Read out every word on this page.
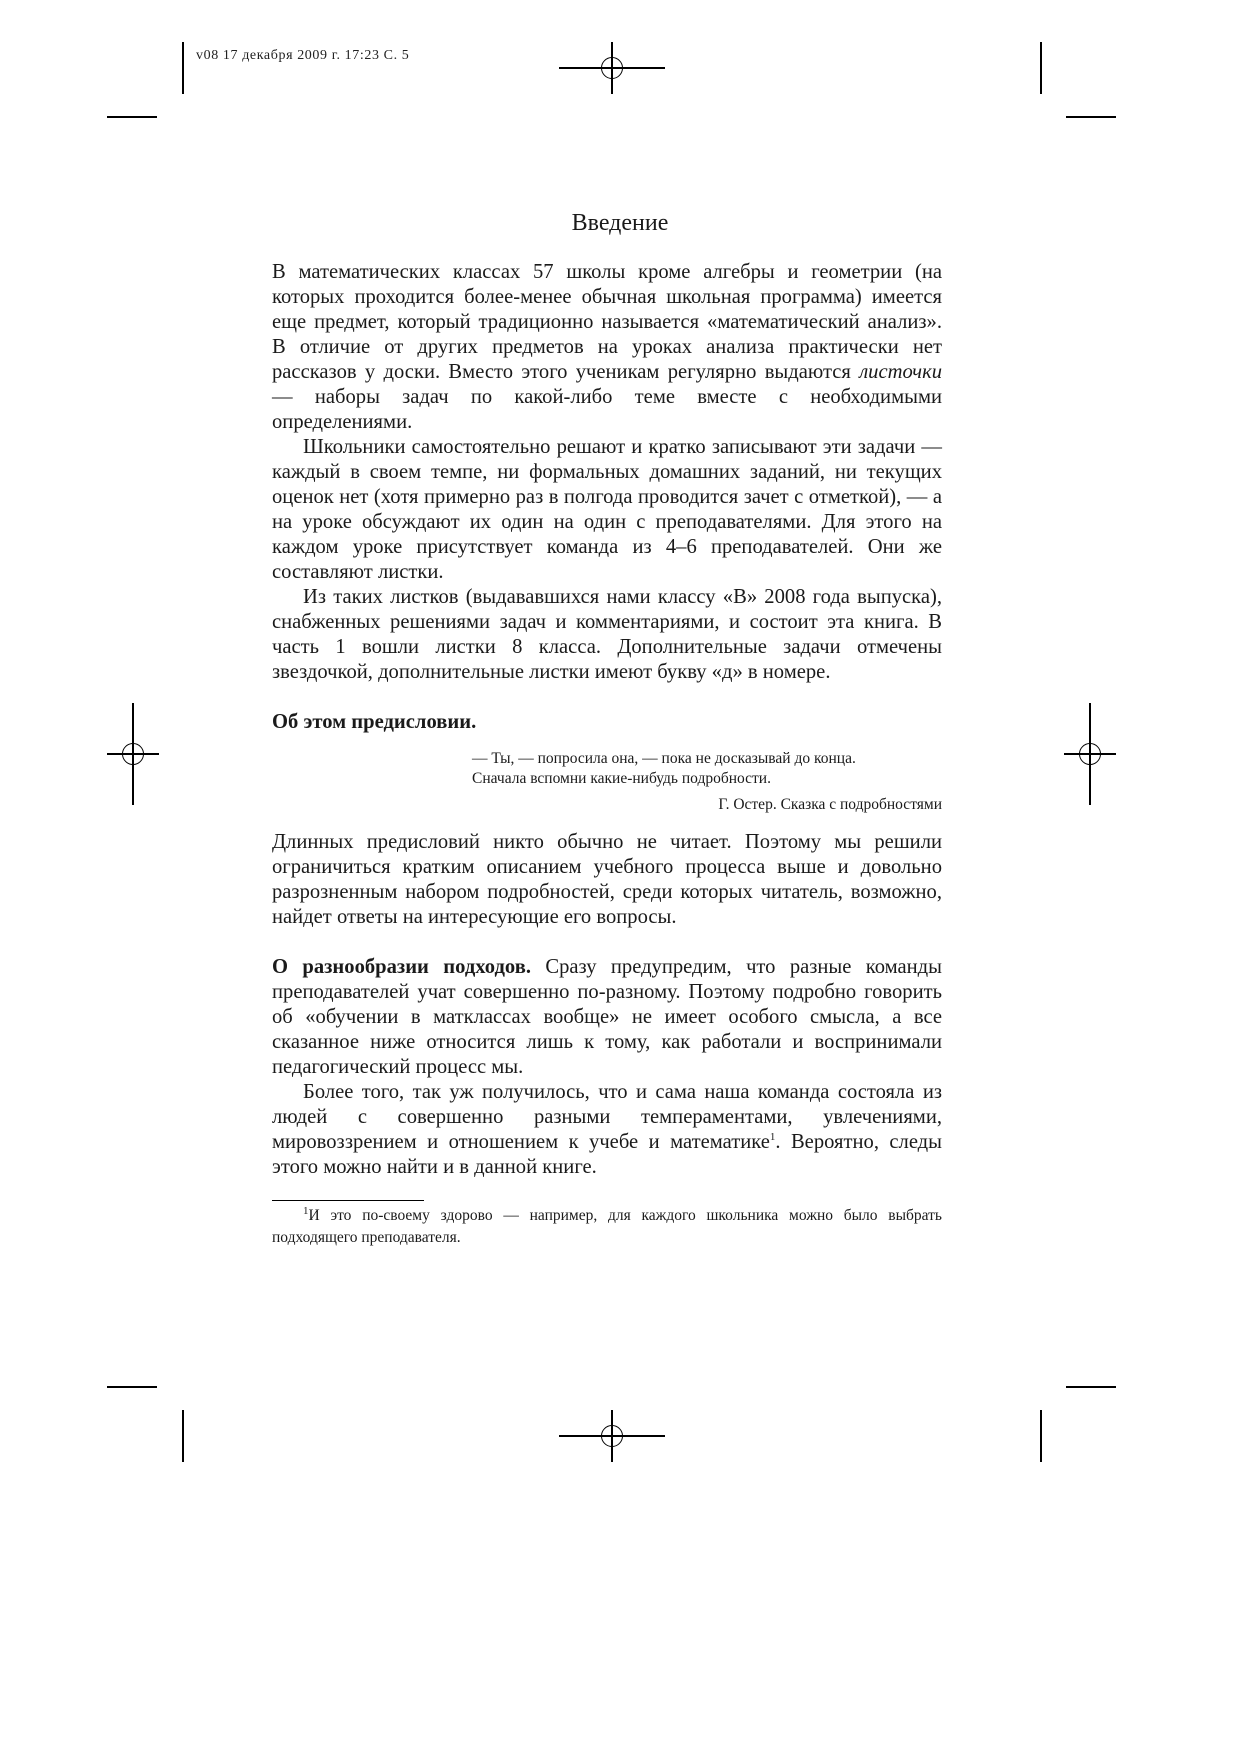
v08 17 декабря 2009 г. 17:23 С. 5
Введение

В математических классах 57 школы кроме алгебры и геометрии (на которых проходится более-менее обычная школьная программа) имеется еще предмет, который традиционно называется «математический анализ». В отличие от других предметов на уроках анализа практически нет рассказов у доски. Вместо этого ученикам регулярно выдаются листочки — наборы задач по какой-либо теме вместе с необходимыми определениями.

Школьники самостоятельно решают и кратко записывают эти задачи — каждый в своем темпе, ни формальных домашних заданий, ни текущих оценок нет (хотя примерно раз в полгода проводится зачет с отметкой), — а на уроке обсуждают их один на один с преподавателями. Для этого на каждом уроке присутствует команда из 4–6 преподавателей. Они же составляют листки.

Из таких листков (выдававшихся нами классу «В» 2008 года выпуска), снабженных решениями задач и комментариями, и состоит эта книга. В часть 1 вошли листки 8 класса. Дополнительные задачи отмечены звездочкой, дополнительные листки имеют букву «д» в номере.

Об этом предисловии.
— Ты, — попросила она, — пока не досказывай до конца.
Сначала вспомни какие-нибудь подробности.
Г. Остер. Сказка с подробностями

Длинных предисловий никто обычно не читает. Поэтому мы решили ограничиться кратким описанием учебного процесса выше и довольно разрозненным набором подробностей, среди которых читатель, возможно, найдет ответы на интересующие его вопросы.

О разнообразии подходов. Сразу предупредим, что разные команды преподавателей учат совершенно по-разному. Поэтому подробно говорить об «обучении в матклассах вообще» не имеет особого смысла, а все сказанное ниже относится лишь к тому, как работали и воспринимали педагогический процесс мы.

Более того, так уж получилось, что и сама наша команда состояла из людей с совершенно разными темпераментами, увлечениями, мировоззрением и отношением к учебе и математике$^1$. Вероятно, следы этого можно найти и в данной книге.

$^1$И это по-своему здорово — например, для каждого школьника можно было выбрать подходящего преподавателя.
